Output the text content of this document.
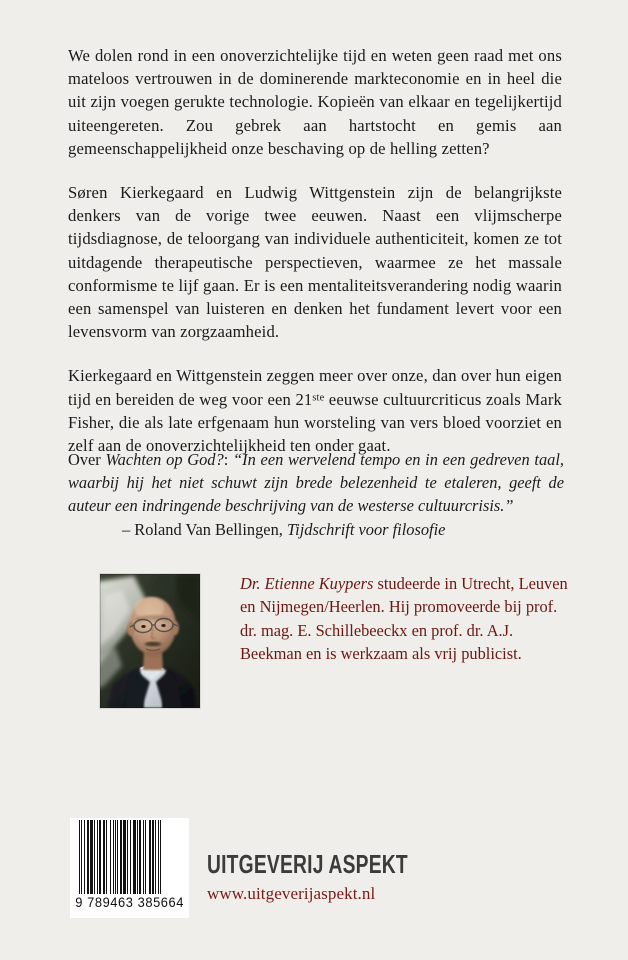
We dolen rond in een onoverzichtelijke tijd en weten geen raad met ons mateloos vertrouwen in de dominerende markteconomie en in heel die uit zijn voegen gerukte technologie. Kopieën van elkaar en tegelijkertijd uiteengereten. Zou gebrek aan hartstocht en gemis aan gemeenschappelijkheid onze beschaving op de helling zetten?

Søren Kierkegaard en Ludwig Wittgenstein zijn de belangrijkste denkers van de vorige twee eeuwen. Naast een vlijmscherpe tijdsdiagnose, de teloorgang van individuele authenticiteit, komen ze tot uitdagende therapeutische perspectieven, waarmee ze het massale conformisme te lijf gaan. Er is een mentaliteitsverandering nodig waarin een samenspel van luisteren en denken het fundament levert voor een levensvorm van zorgzaamheid.

Kierkegaard en Wittgenstein zeggen meer over onze, dan over hun eigen tijd en bereiden de weg voor een 21ste eeuwse cultuurcriticus zoals Mark Fisher, die als late erfgenaam hun worsteling van vers bloed voorziet en zelf aan de onoverzichtelijkheid ten onder gaat.

Over Wachten op God?: “In een wervelend tempo en in een gedreven taal, waarbij hij het niet schuwt zijn brede belezenheid te etaleren, geeft de auteur een indringende beschrijving van de westerse cultuurcrisis.”

– Roland Van Bellingen, Tijdschrift voor filosofie

Dr. Etienne Kuypers studeerde in Utrecht, Leuven en Nijmegen/Heerlen. Hij promoveerde bij prof. dr. mag. E. Schillebeeckx en prof. dr. A.J. Beekman en is werkzaam als vrij publicist.
9 789463 385664
UITGEVERIJ ASPEKT
www.uitgeverijaspekt.nl
